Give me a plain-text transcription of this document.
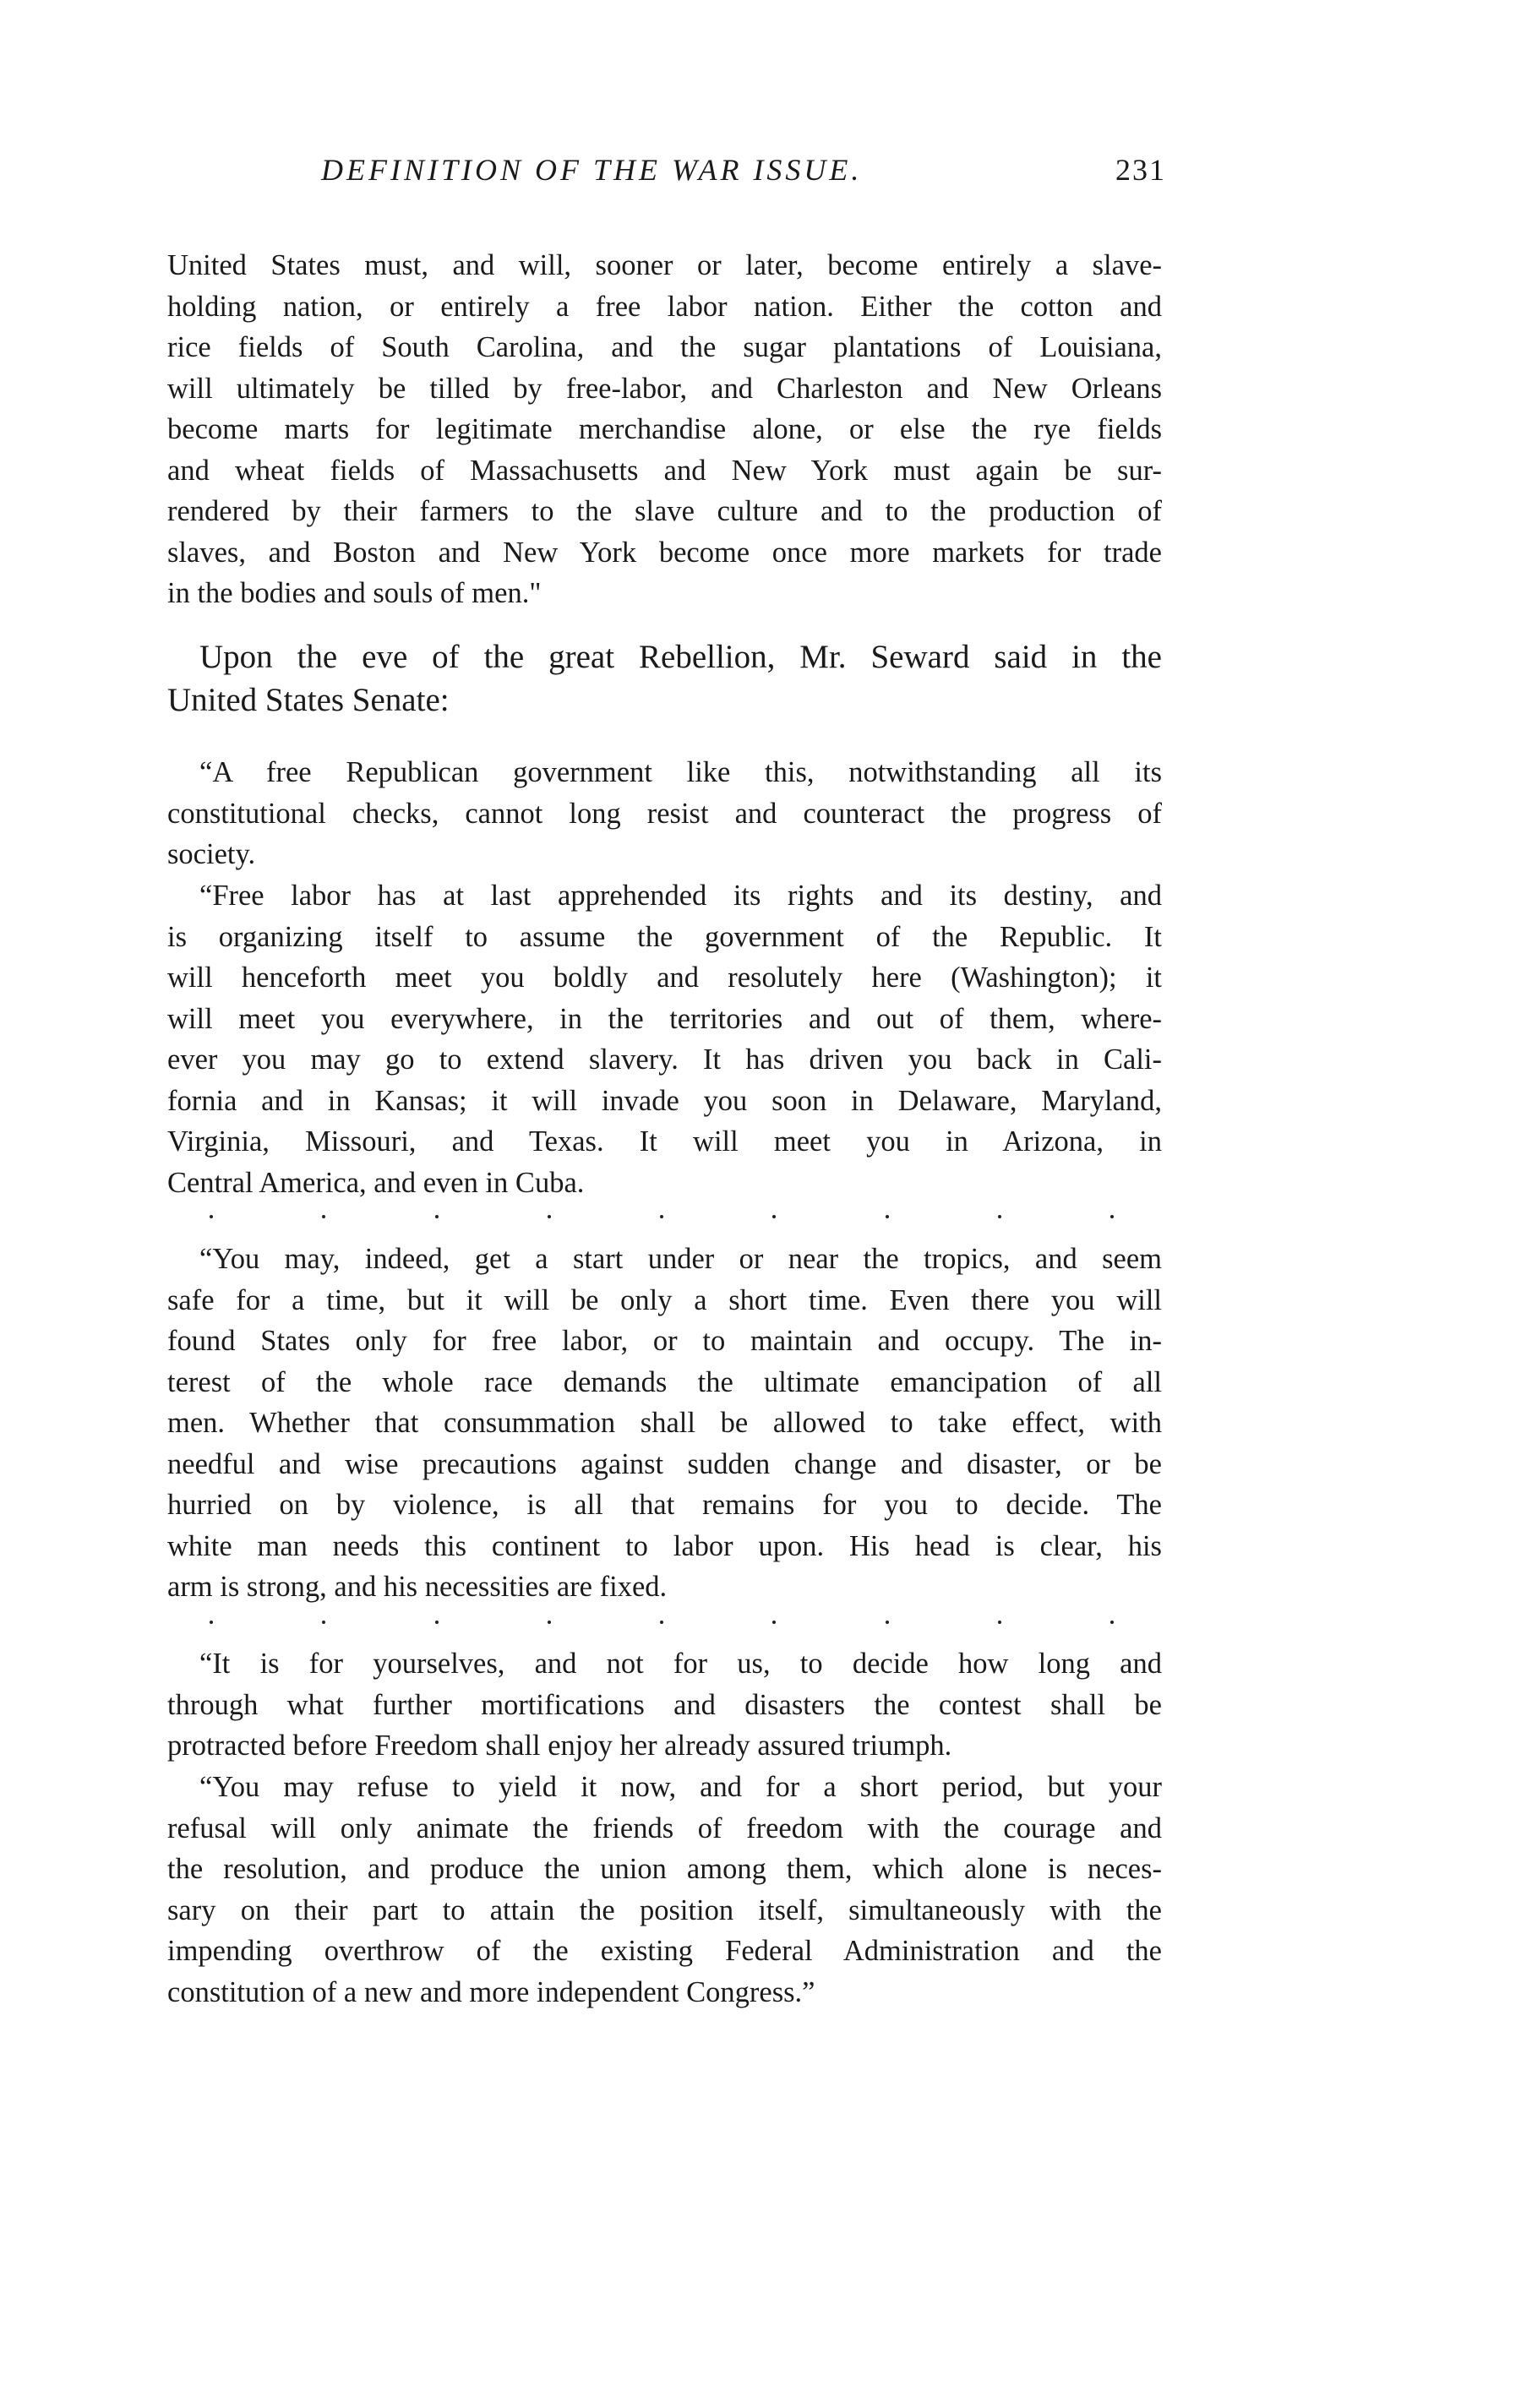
DEFINITION OF THE WAR ISSUE.	231
United States must, and will, sooner or later, become entirely a slave-
holding nation, or entirely a free labor nation. Either the cotton and
rice fields of South Carolina, and the sugar plantations of Louisiana,
will ultimately be tilled by free-labor, and Charleston and New Orleans
become marts for legitimate merchandise alone, or else the rye fields
and wheat fields of Massachusetts and New York must again be sur-
rendered by their farmers to the slave culture and to the production of
slaves, and Boston and New York become once more markets for trade
in the bodies and souls of men."
Upon the eve of the great Rebellion, Mr. Seward said in the
United States Senate:
“A free Republican government like this, notwithstanding all its
constitutional checks, cannot long resist and counteract the progress of
society.
“Free labor has at last apprehended its rights and its destiny, and
is organizing itself to assume the government of the Republic. It
will henceforth meet you boldly and resolutely here (Washington); it
will meet you everywhere, in the territories and out of them, where-
ever you may go to extend slavery. It has driven you back in Cali-
fornia and in Kansas; it will invade you soon in Delaware, Maryland,
Virginia, Missouri, and Texas. It will meet you in Arizona, in
Central America, and even in Cuba.
“You may, indeed, get a start under or near the tropics, and seem
safe for a time, but it will be only a short time. Even there you will
found States only for free labor, or to maintain and occupy. The in-
terest of the whole race demands the ultimate emancipation of all
men. Whether that consummation shall be allowed to take effect, with
needful and wise precautions against sudden change and disaster, or be
hurried on by violence, is all that remains for you to decide. The
white man needs this continent to labor upon. His head is clear, his
arm is strong, and his necessities are fixed.
“It is for yourselves, and not for us, to decide how long and
through what further mortifications and disasters the contest shall be
protracted before Freedom shall enjoy her already assured triumph.
“You may refuse to yield it now, and for a short period, but your
refusal will only animate the friends of freedom with the courage and
the resolution, and produce the union among them, which alone is neces-
sary on their part to attain the position itself, simultaneously with the
impending overthrow of the existing Federal Administration and the
constitution of a new and more independent Congress.”
